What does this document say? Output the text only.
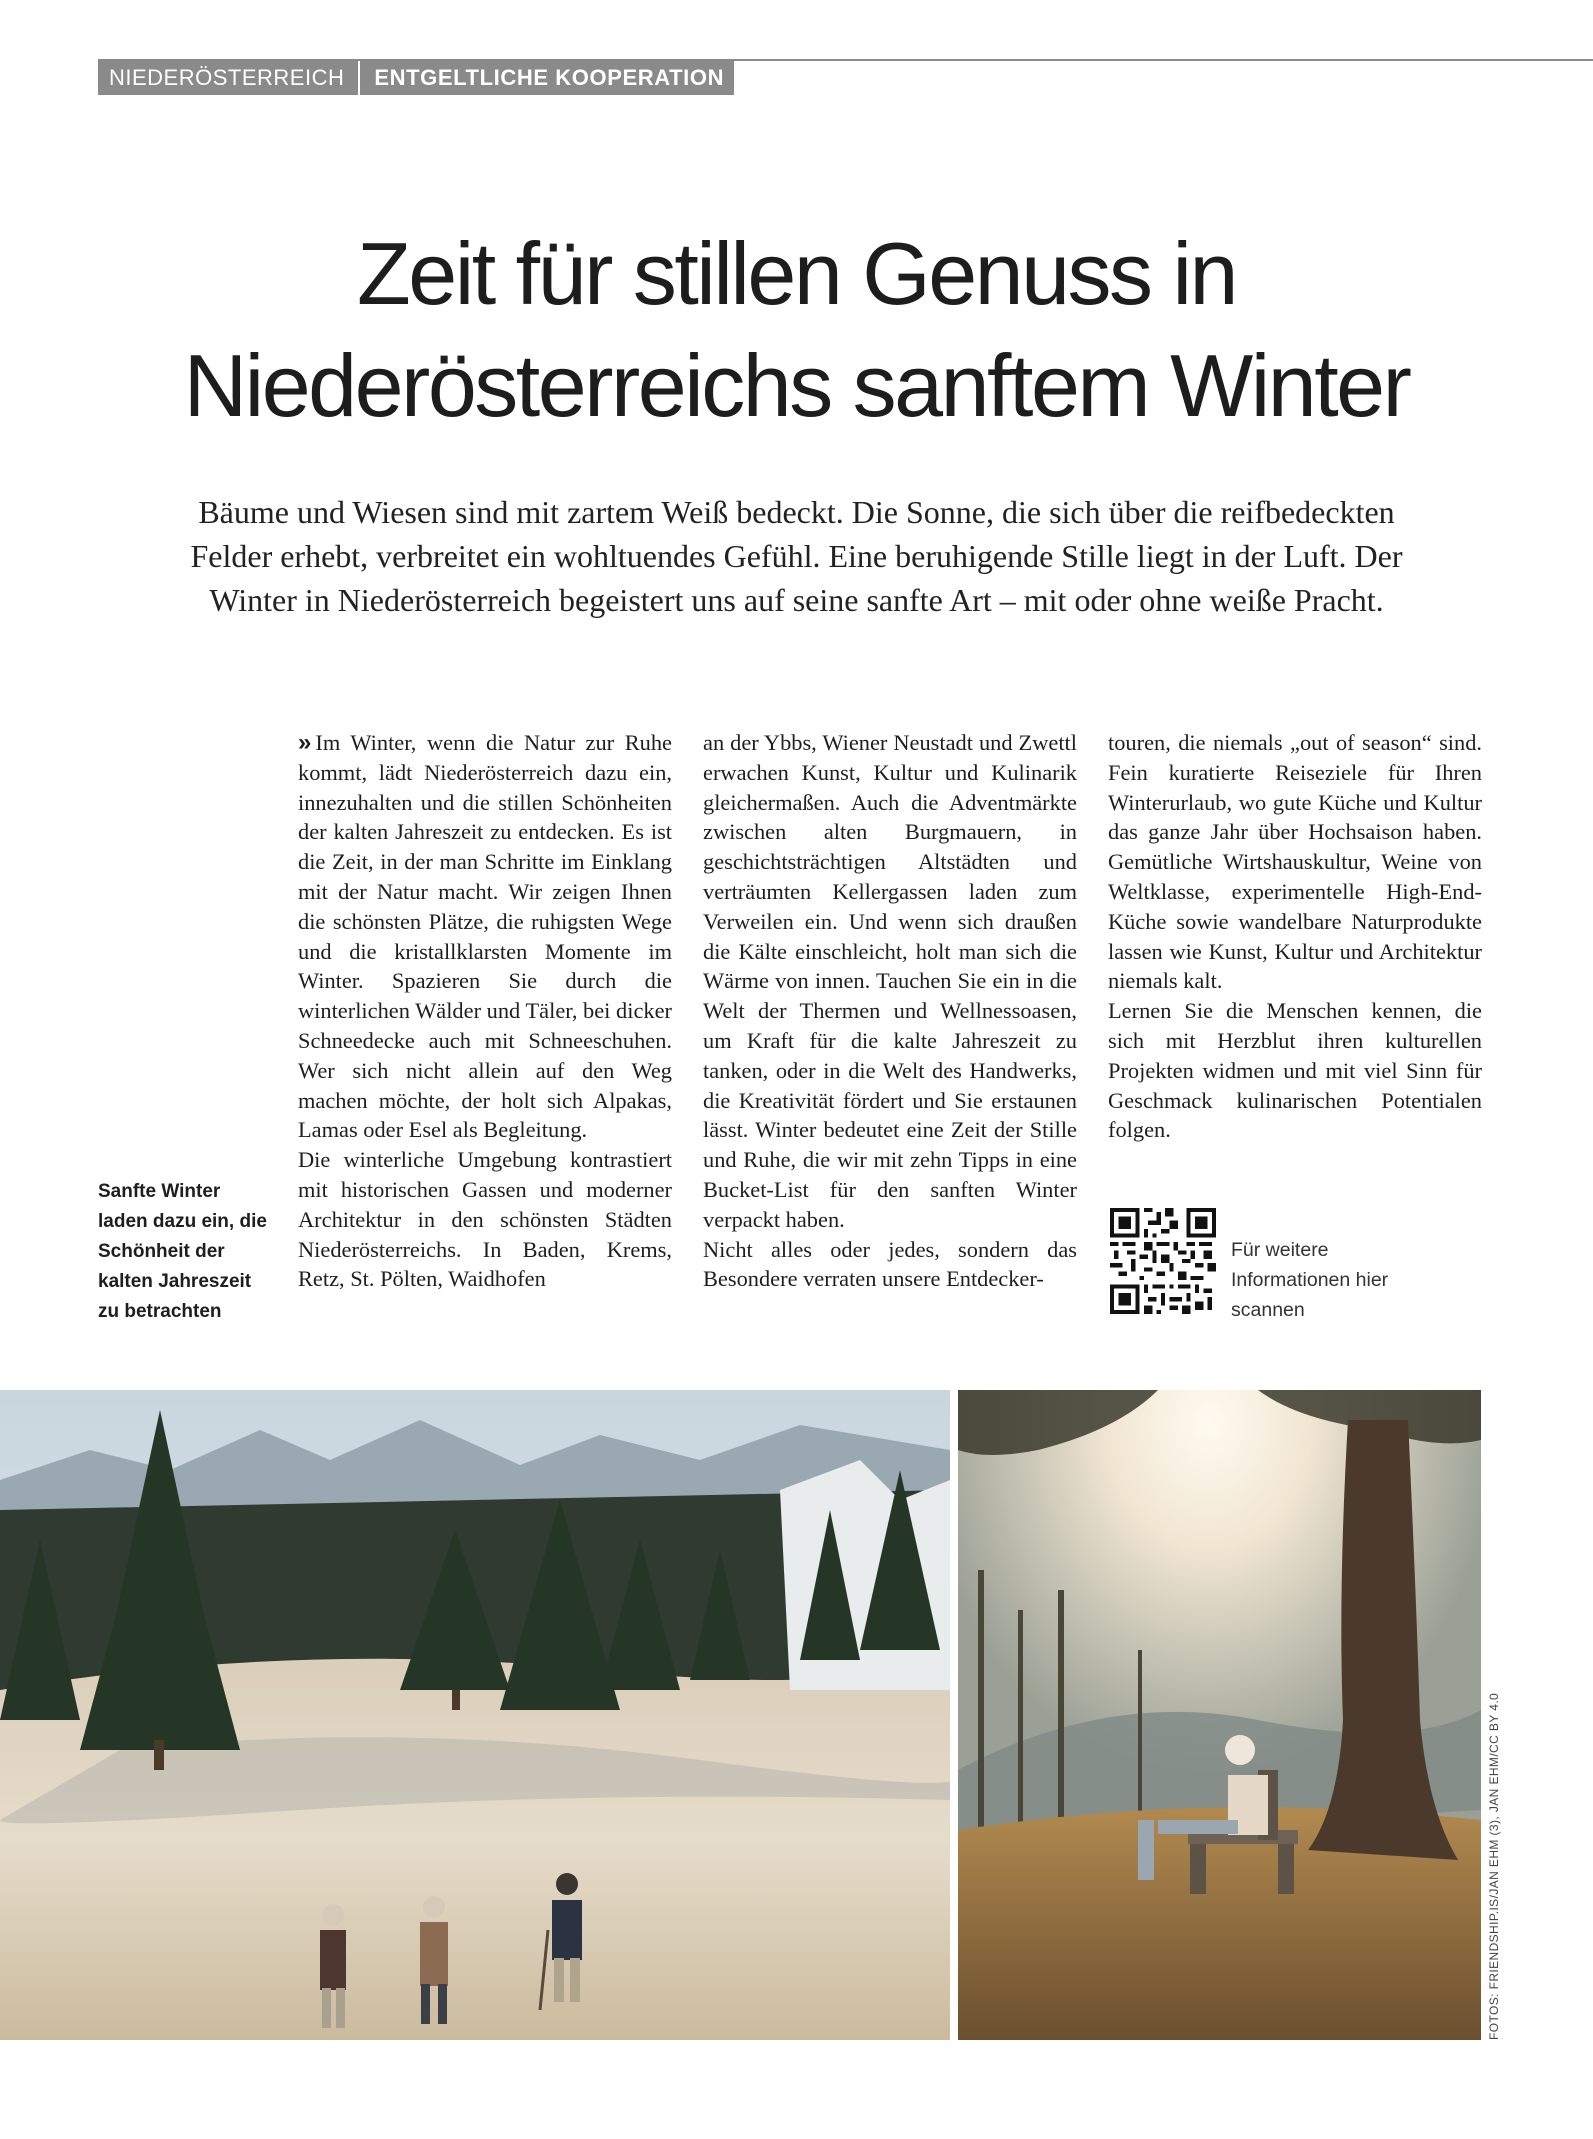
NIEDERÖSTERREICH ENTGELTLICHE KOOPERATION
Zeit für stillen Genuss in
Niederösterreichs sanftem Winter

Bäume und Wiesen sind mit zartem Weiß bedeckt. Die Sonne, die sich über die reifbedeckten
Felder erhebt, verbreitet ein wohltuendes Gefühl. Eine beruhigende Stille liegt in der Luft. Der
Winter in Niederösterreich begeistert uns auf seine sanfte Art – mit oder ohne weiße Pracht.

Sanfte Winter laden dazu ein, die Schönheit der kalten Jahreszeit zu betrachten

» Im Winter, wenn die Natur zur Ruhe kommt, lädt Niederösterreich dazu ein, innezuhalten und die stillen Schönheiten der kalten Jahreszeit zu entdecken. Es ist die Zeit, in der man Schritte im Einklang mit der Natur macht. Wir zeigen Ihnen die schönsten Plätze, die ruhigsten Wege und die kristallklarsten Momente im Winter. Spazieren Sie durch die winterlichen Wälder und Täler, bei dicker Schneedecke auch mit Schneeschuhen. Wer sich nicht allein auf den Weg machen möchte, der holt sich Alpakas, Lamas oder Esel als Begleitung.

Die winterliche Umgebung kontrastiert mit historischen Gassen und moderner Architektur in den schönsten Städten Niederösterreichs. In Baden, Krems, Retz, St. Pölten, Waidhofen

an der Ybbs, Wiener Neustadt und Zwettl erwachen Kunst, Kultur und Kulinarik gleichermaßen. Auch die Adventmärkte zwischen alten Burgmauern, in geschichtsträchtigen Altstädten und verträumten Kellergassen laden zum Verweilen ein. Und wenn sich draußen die Kälte einschleicht, holt man sich die Wärme von innen. Tauchen Sie ein in die Welt der Thermen und Wellnessoasen, um Kraft für die kalte Jahreszeit zu tanken, oder in die Welt des Handwerks, die Kreativität fördert und Sie erstaunen lässt. Winter bedeutet eine Zeit der Stille und Ruhe, die wir mit zehn Tipps in eine Bucket-List für den sanften Winter verpackt haben.

Nicht alles oder jedes, sondern das Besondere verraten unsere Entdecker-

touren, die niemals „out of season“ sind. Fein kuratierte Reiseziele für Ihren Winterurlaub, wo gute Küche und Kultur das ganze Jahr über Hochsaison haben. Gemütliche Wirtshauskultur, Weine von Weltklasse, experimentelle High-End-Küche sowie wandelbare Naturprodukte lassen wie Kunst, Kultur und Architektur niemals kalt.

Lernen Sie die Menschen kennen, die sich mit Herzblut ihren kulturellen Projekten widmen und mit viel Sinn für Geschmack kulinarischen Potentialen folgen.

Für weitere Informationen hier scannen
FOTOS: FRIENDSHIP.IS/JAN EHM (3), JAN EHM/CC BY 4.0
